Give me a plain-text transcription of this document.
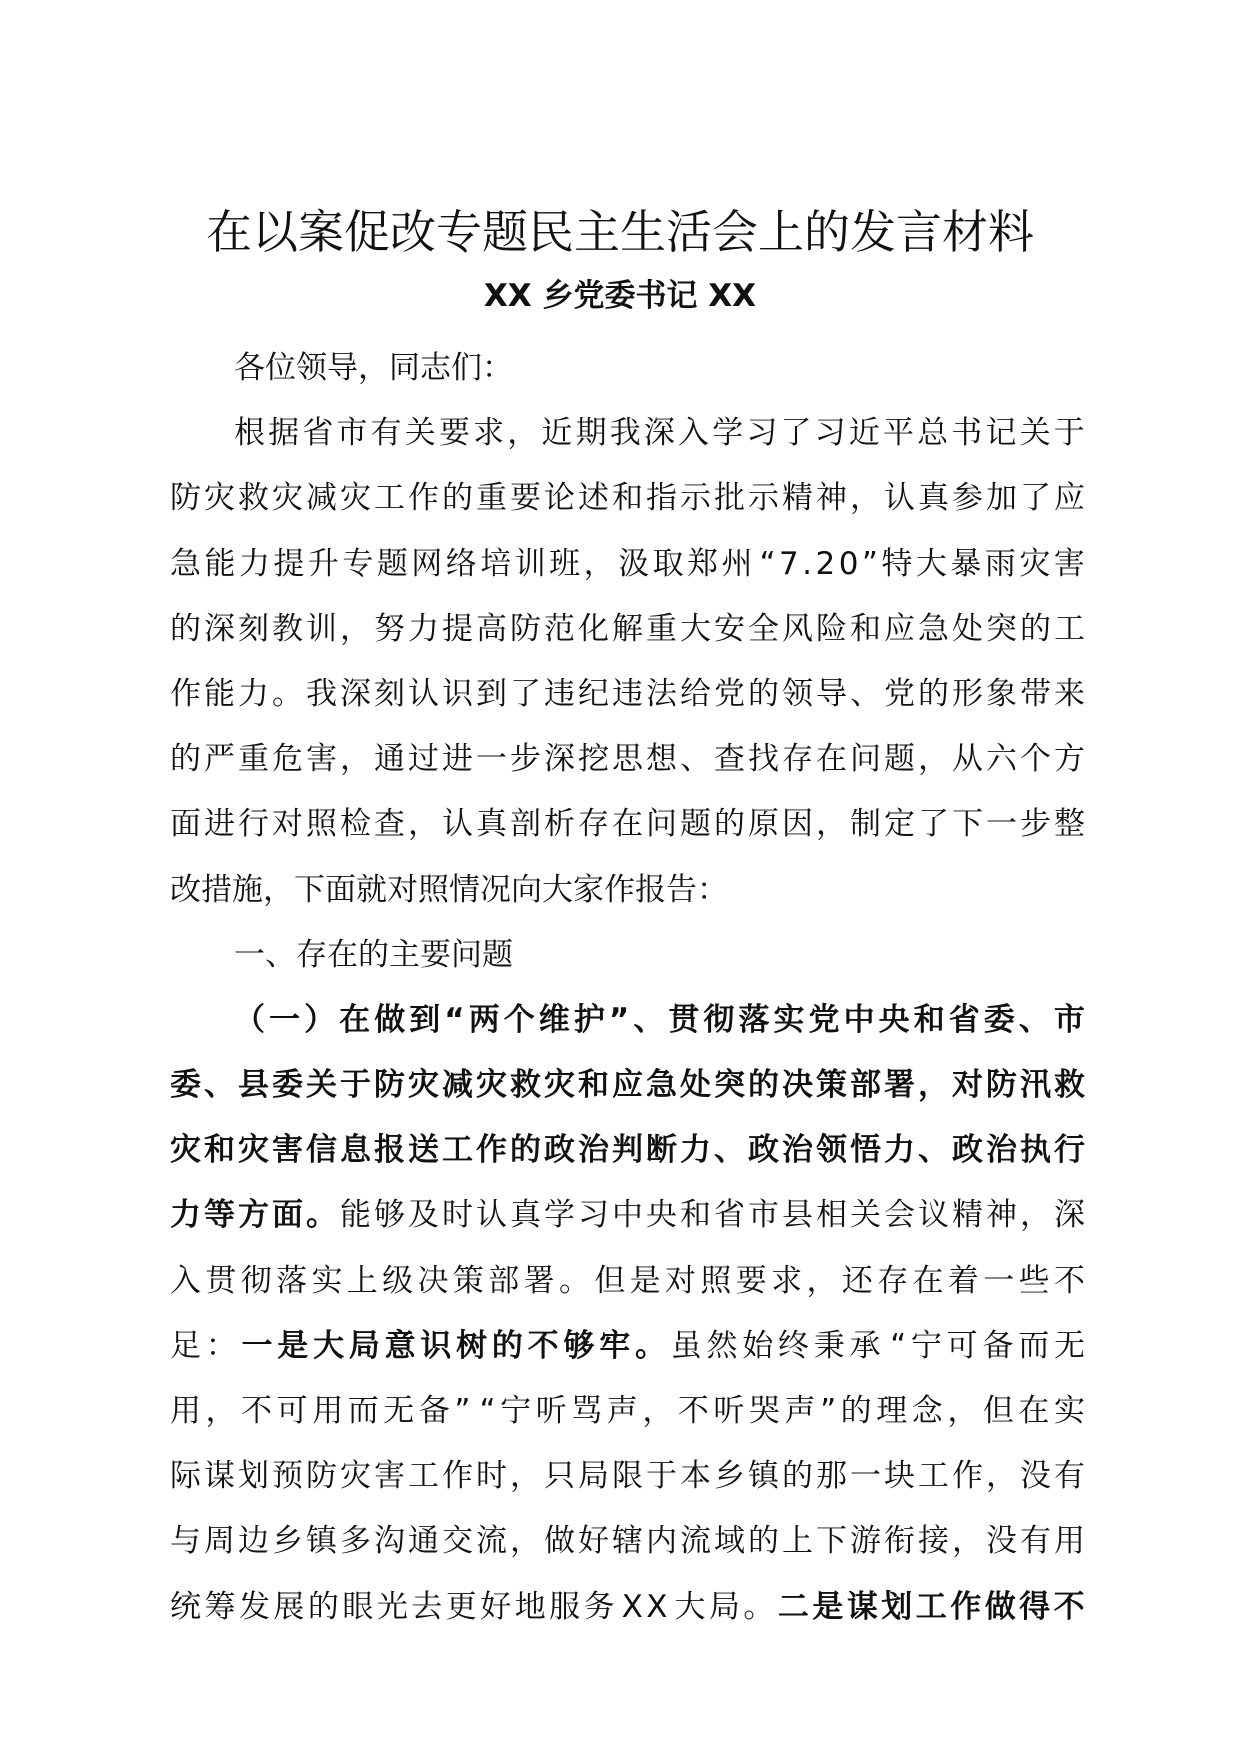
在以案促改专题民主生活会上的发言材料
XX 乡党委书记 XX
各 位 领 导 ， 同 志 们 ：
根 据 省 市 有 关 要 求 ， 近 期 我 深 入 学 习 了 习 近 平 总 书 记 关 于
防 灾 救 灾 减 灾 工 作 的 重 要 论 述 和 指 示 批 示 精 神 ， 认 真 参 加 了 应
急 能 力 提 升 专 题 网 络 培 训 班 ， 汲 取 郑 州 “ 7 . 2 0 ” 特 大 暴 雨 灾 害
的 深 刻 教 训 ， 努 力 提 高 防 范 化 解 重 大 安 全 风 险 和 应 急 处 突 的 工
作 能 力 。 我 深 刻 认 识 到 了 违 纪 违 法 给 党 的 领 导 、 党 的 形 象 带 来
的 严 重 危 害 ， 通 过 进 一 步 深 挖 思 想 、 查 找 存 在 问 题 ， 从 六 个 方
面 进 行 对 照 检 查 ， 认 真 剖 析 存 在 问 题 的 原 因 ， 制 定 了 下 一 步 整
改 措 施 ， 下 面 就 对 照 情 况 向 大 家 作 报 告 ：
一 、 存 在 的 主 要 问 题
（ 一 ） 在 做 到 “ 两 个 维 护 ” 、 贯 彻 落 实 党 中 央 和 省 委 、 市
委 、 县 委 关 于 防 灾 减 灾 救 灾 和 应 急 处 突 的 决 策 部 署 ， 对 防 汛 救
灾 和 灾 害 信 息 报 送 工 作 的 政 治 判 断 力 、 政 治 领 悟 力 、 政 治 执 行
力 等 方 面 。 能 够 及 时 认 真 学 习 中 央 和 省 市 县 相 关 会 议 精 神 ， 深
入 贯 彻 落 实 上 级 决 策 部 署 。 但 是 对 照 要 求 ， 还 存 在 着 一 些 不
足 ： 一 是 大 局 意 识 树 的 不 够 牢 。 虽 然 始 终 秉 承 “ 宁 可 备 而 无
用 ， 不 可 用 而 无 备 ” “ 宁 听 骂 声 ， 不 听 哭 声 ” 的 理 念 ， 但 在 实
际 谋 划 预 防 灾 害 工 作 时 ， 只 局 限 于 本 乡 镇 的 那 一 块 工 作 ， 没 有
与 周 边 乡 镇 多 沟 通 交 流 ， 做 好 辖 内 流 域 的 上 下 游 衔 接 ， 没 有 用
统 筹 发 展 的 眼 光 去 更 好 地 服 务 X X 大 局 。 二 是 谋 划 工 作 做 得 不
